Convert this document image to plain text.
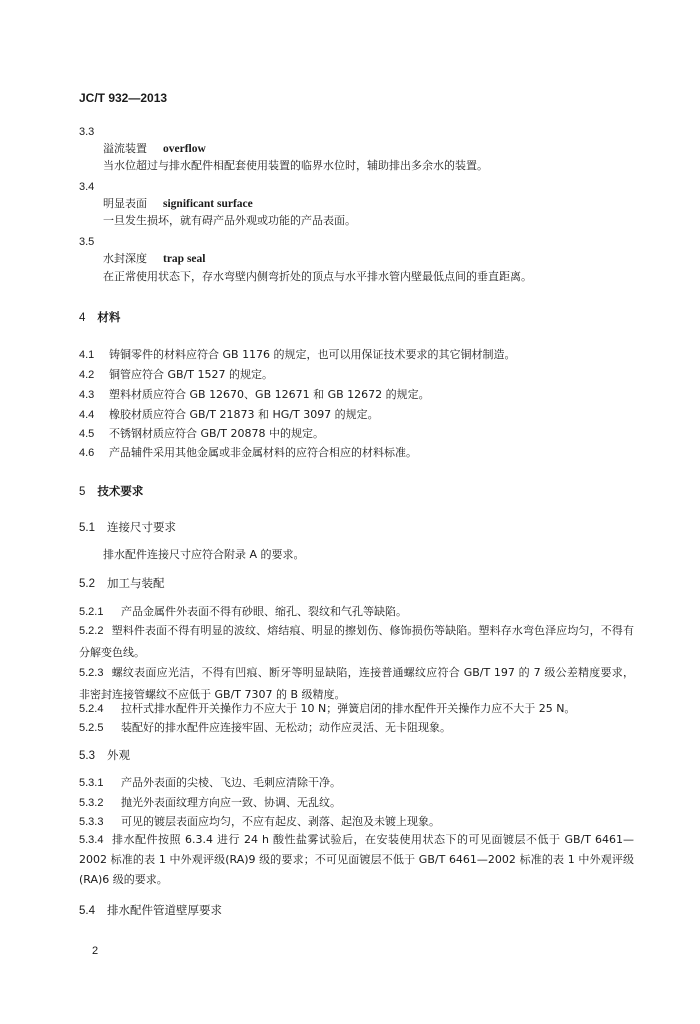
JC/T 932—2013
3.3
溢流装置 overflow
当水位超过与排水配件相配套使用装置的临界水位时，辅助排出多余水的装置。
3.4
明显表面 significant surface
一旦发生损坏，就有碍产品外观或功能的产品表面。
3.5
水封深度 trap seal
在正常使用状态下，存水弯壁内侧弯折处的顶点与水平排水管内壁最低点间的垂直距离。
4 材料
4.1 铸铜零件的材料应符合 GB 1176 的规定，也可以用保证技术要求的其它铜材制造。
4.2 铜管应符合 GB/T 1527 的规定。
4.3 塑料材质应符合 GB 12670、GB 12671 和 GB 12672 的规定。
4.4 橡胶材质应符合 GB/T 21873 和 HG/T 3097 的规定。
4.5 不锈钢材质应符合 GB/T 20878 中的规定。
4.6 产品辅件采用其他金属或非金属材料的应符合相应的材料标准。
5 技术要求
5.1 连接尺寸要求
排水配件连接尺寸应符合附录 A 的要求。
5.2 加工与装配
5.2.1 产品金属件外表面不得有砂眼、缩孔、裂纹和气孔等缺陷。
5.2.2 塑料件表面不得有明显的波纹、熔结痕、明显的擦划伤、修饰损伤等缺陷。塑料存水弯色泽应均匀，不得有分解变色线。
5.2.3 螺纹表面应光洁，不得有凹痕、断牙等明显缺陷，连接普通螺纹应符合 GB/T 197 的 7 级公差精度要求，非密封连接管螺纹不应低于 GB/T 7307 的 B 级精度。
5.2.4 拉杆式排水配件开关操作力不应大于 10 N；弹簧启闭的排水配件开关操作力应不大于 25 N。
5.2.5 装配好的排水配件应连接牢固、无松动；动作应灵活、无卡阻现象。
5.3 外观
5.3.1 产品外表面的尖棱、飞边、毛刺应清除干净。
5.3.2 抛光外表面纹理方向应一致、协调、无乱纹。
5.3.3 可见的镀层表面应均匀，不应有起皮、剥落、起泡及未镀上现象。
5.3.4 排水配件按照 6.3.4 进行 24 h 酸性盐雾试验后，在安装使用状态下的可见面镀层不低于 GB/T 6461—2002 标准的表 1 中外观评级(RA)9 级的要求；不可见面镀层不低于 GB/T 6461—2002 标准的表 1 中外观评级(RA)6 级的要求。
5.4 排水配件管道壁厚要求
2
